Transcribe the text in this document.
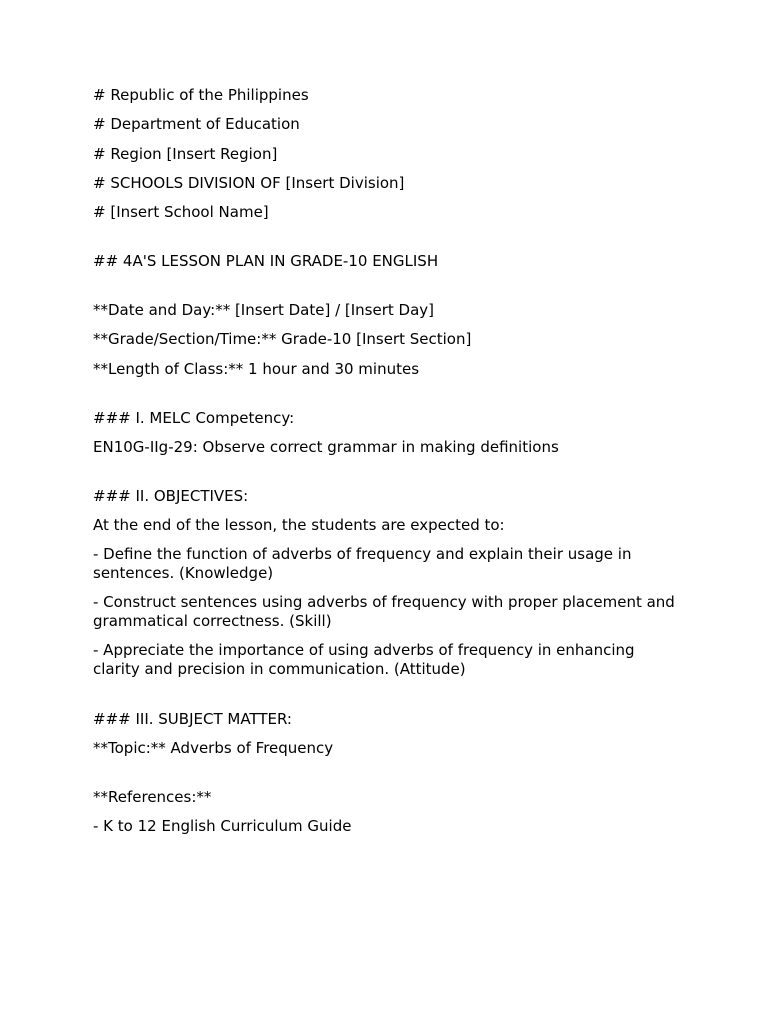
# Republic of the Philippines
# Department of Education
# Region [Insert Region]
# SCHOOLS DIVISION OF [Insert Division]
# [Insert School Name]
## 4A'S LESSON PLAN IN GRADE-10 ENGLISH
**Date and Day:** [Insert Date] / [Insert Day]
**Grade/Section/Time:** Grade-10 [Insert Section]
**Length of Class:** 1 hour and 30 minutes
### I. MELC Competency:
EN10G-IIg-29: Observe correct grammar in making definitions
### II. OBJECTIVES:
At the end of the lesson, the students are expected to:
- Define the function of adverbs of frequency and explain their usage in sentences. (Knowledge)
- Construct sentences using adverbs of frequency with proper placement and grammatical correctness. (Skill)
- Appreciate the importance of using adverbs of frequency in enhancing clarity and precision in communication. (Attitude)
### III. SUBJECT MATTER:
**Topic:** Adverbs of Frequency
**References:**
- K to 12 English Curriculum Guide
